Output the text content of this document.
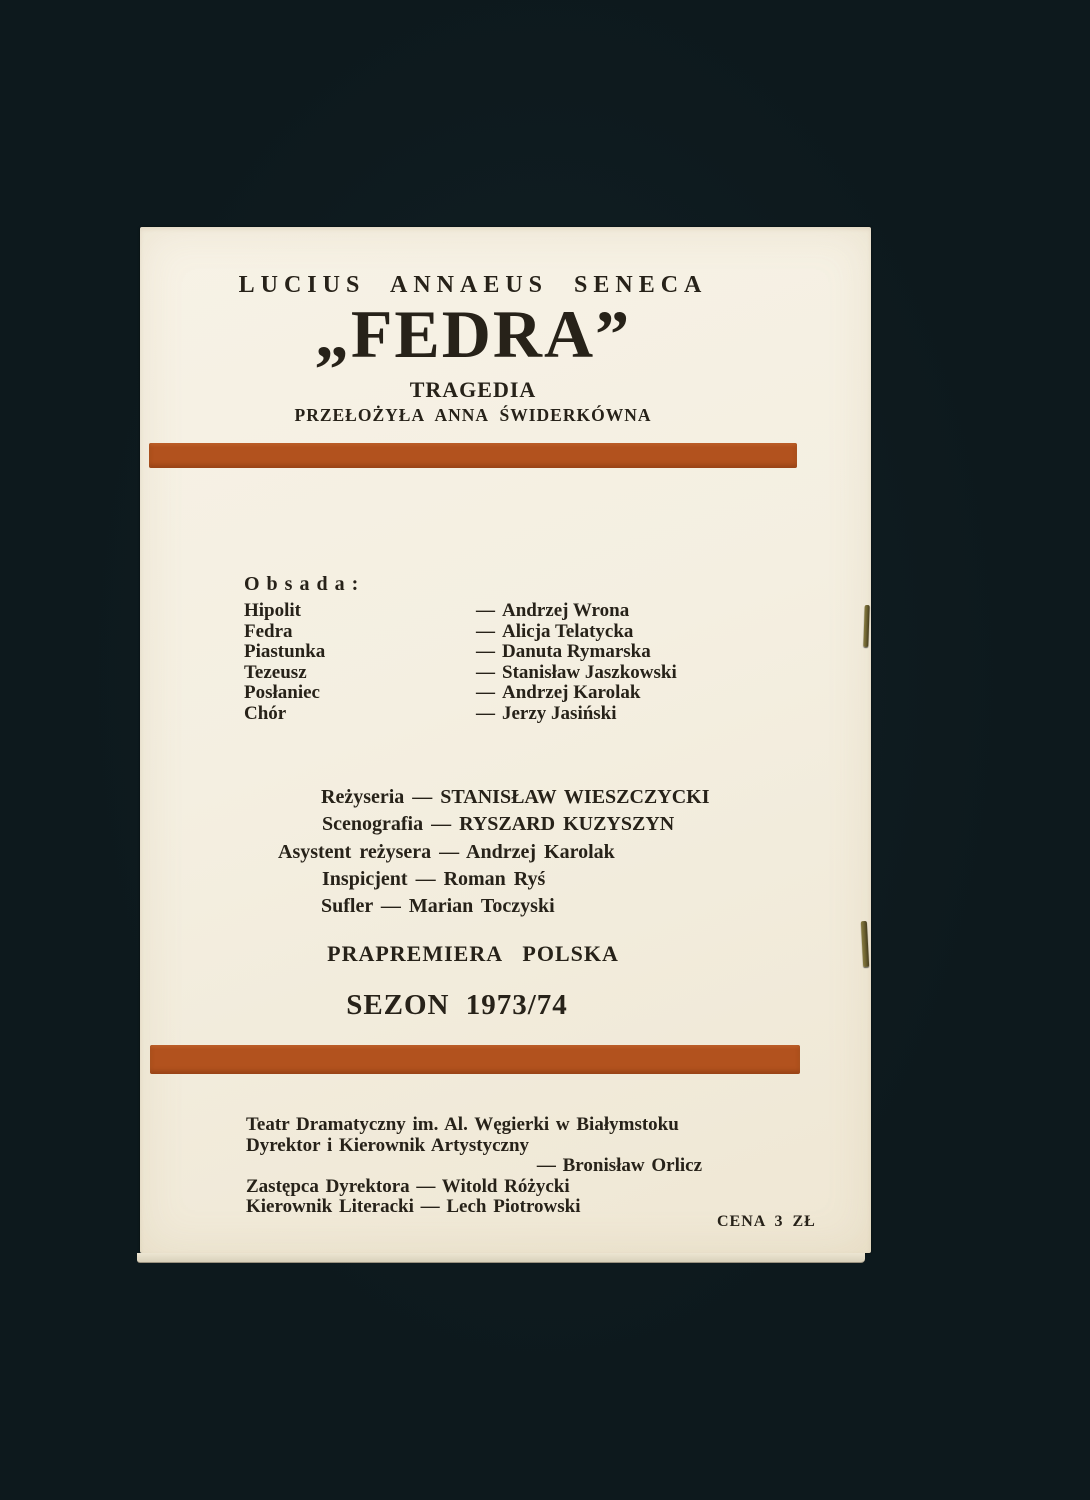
LUCIUS ANNAEUS SENECA
„FEDRA”
TRAGEDIA
PRZEŁOŻYŁA ANNA ŚWIDERKÓWNA
Obsada:
Hipolit	— Andrzej Wrona
Fedra	— Alicja Telatycka
Piastunka	— Danuta Rymarska
Tezeusz	— Stanisław Jaszkowski
Posłaniec	— Andrzej Karolak
Chór	— Jerzy Jasiński
Reżyseria — STANISŁAW WIESZCZYCKI
Scenografia — RYSZARD KUZYSZYN
Asystent reżysera — Andrzej Karolak
Inspicjent — Roman Ryś
Sufler — Marian Toczyski
PRAPREMIERA POLSKA
SEZON 1973/74
Teatr Dramatyczny im. Al. Węgierki w Białymstoku
Dyrektor i Kierownik Artystyczny
— Bronisław Orlicz
Zastępca Dyrektora — Witold Różycki
Kierownik Literacki — Lech Piotrowski
CENA 3 ZŁ
